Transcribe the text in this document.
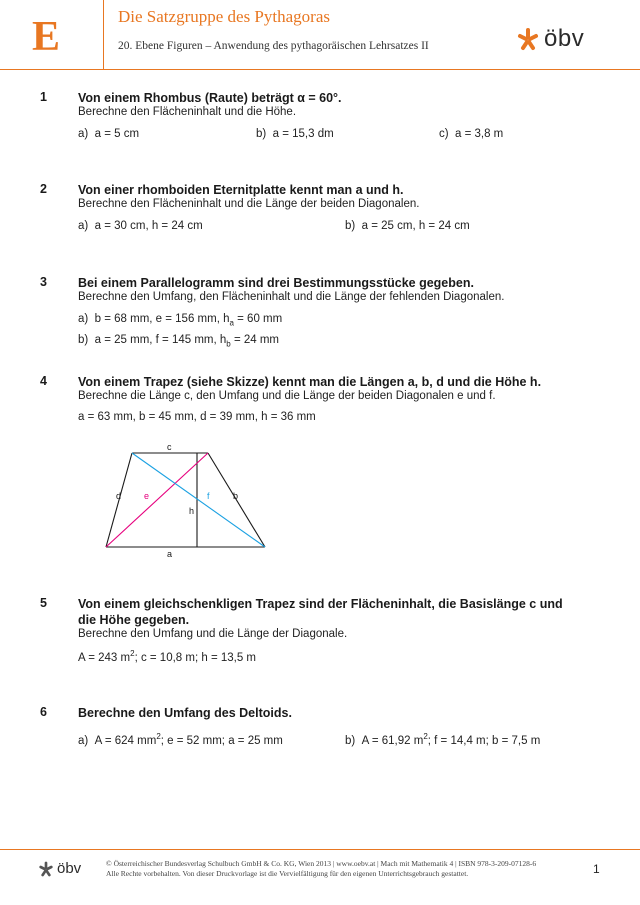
E	Die Satzgruppe des Pythagoras
20. Ebene Figuren – Anwendung des pythagoräischen Lehrsatzes II	öbv
1 Von einem Rhombus (Raute) beträgt α = 60°.
Berechne den Flächeninhalt und die Höhe.
a) a = 5 cm	b) a = 15,3 dm	c) a = 3,8 m
2 Von einer rhomboiden Eternitplatte kennt man a und h.
Berechne den Flächeninhalt und die Länge der beiden Diagonalen.
a) a = 30 cm, h = 24 cm	b) a = 25 cm, h = 24 cm
3 Bei einem Parallelogramm sind drei Bestimmungsstücke gegeben.
Berechne den Umfang, den Flächeninhalt und die Länge der fehlenden Diagonalen.
a) b = 68 mm, e = 156 mm, $h_a = 60$ mm
b) a = 25 mm, f = 145 mm, $h_b = 24$ mm
4 Von einem Trapez (siehe Skizze) kennt man die Längen a, b, d und die Höhe h.
Berechne die Länge c, den Umfang und die Länge der beiden Diagonalen e und f.
a = 63 mm, b = 45 mm, d = 39 mm, h = 36 mm
c
d	e	f	b
h
a
5 Von einem gleichschenkligen Trapez sind der Flächeninhalt, die Basislänge c und
die Höhe gegeben.
Berechne den Umfang und die Länge der Diagonale.
A = 243 $m^2$; c = 10,8 m; h = 13,5 m
6 Berechne den Umfang des Deltoids.
a) A = 624 $mm^2$; e = 52 mm; a = 25 mm	b) A = 61,92 $m^2$; f = 14,4 m; b = 7,5 m
öbv	© Österreichischer Bundesverlag Schulbuch GmbH & Co. KG, Wien 2013 | www.oebv.at | Mach mit Mathematik 4 | ISBN 978-3-209-07128-6
Alle Rechte vorbehalten. Von dieser Druckvorlage ist die Vervielfältigung für den eigenen Unterrichtsgebrauch gestattet.	1
